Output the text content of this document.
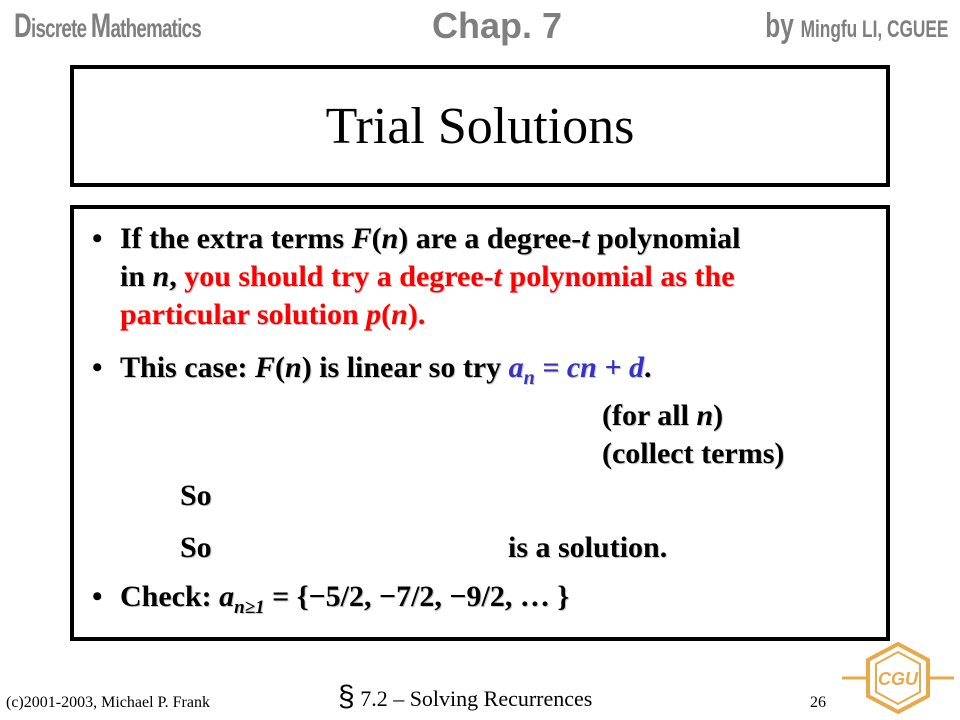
Discrete Mathematics	Chap. 7	by Mingfu LI, CGUEE
Trial Solutions
• If the extra terms F(n) are a degree-t polynomial
in n, you should try a degree-t polynomial as the
particular solution p(n).
• This case: F(n) is linear so try $a_n$ = cn + d.
(for all n)
(collect terms)
So
So	is a solution.
• Check: $a_{n\ge 1} = \{-5/2$, −7/2, −9/2, … }
(c)2001-2003, Michael P. Frank	§ 7.2 – Solving Recurrences	26
CGU
